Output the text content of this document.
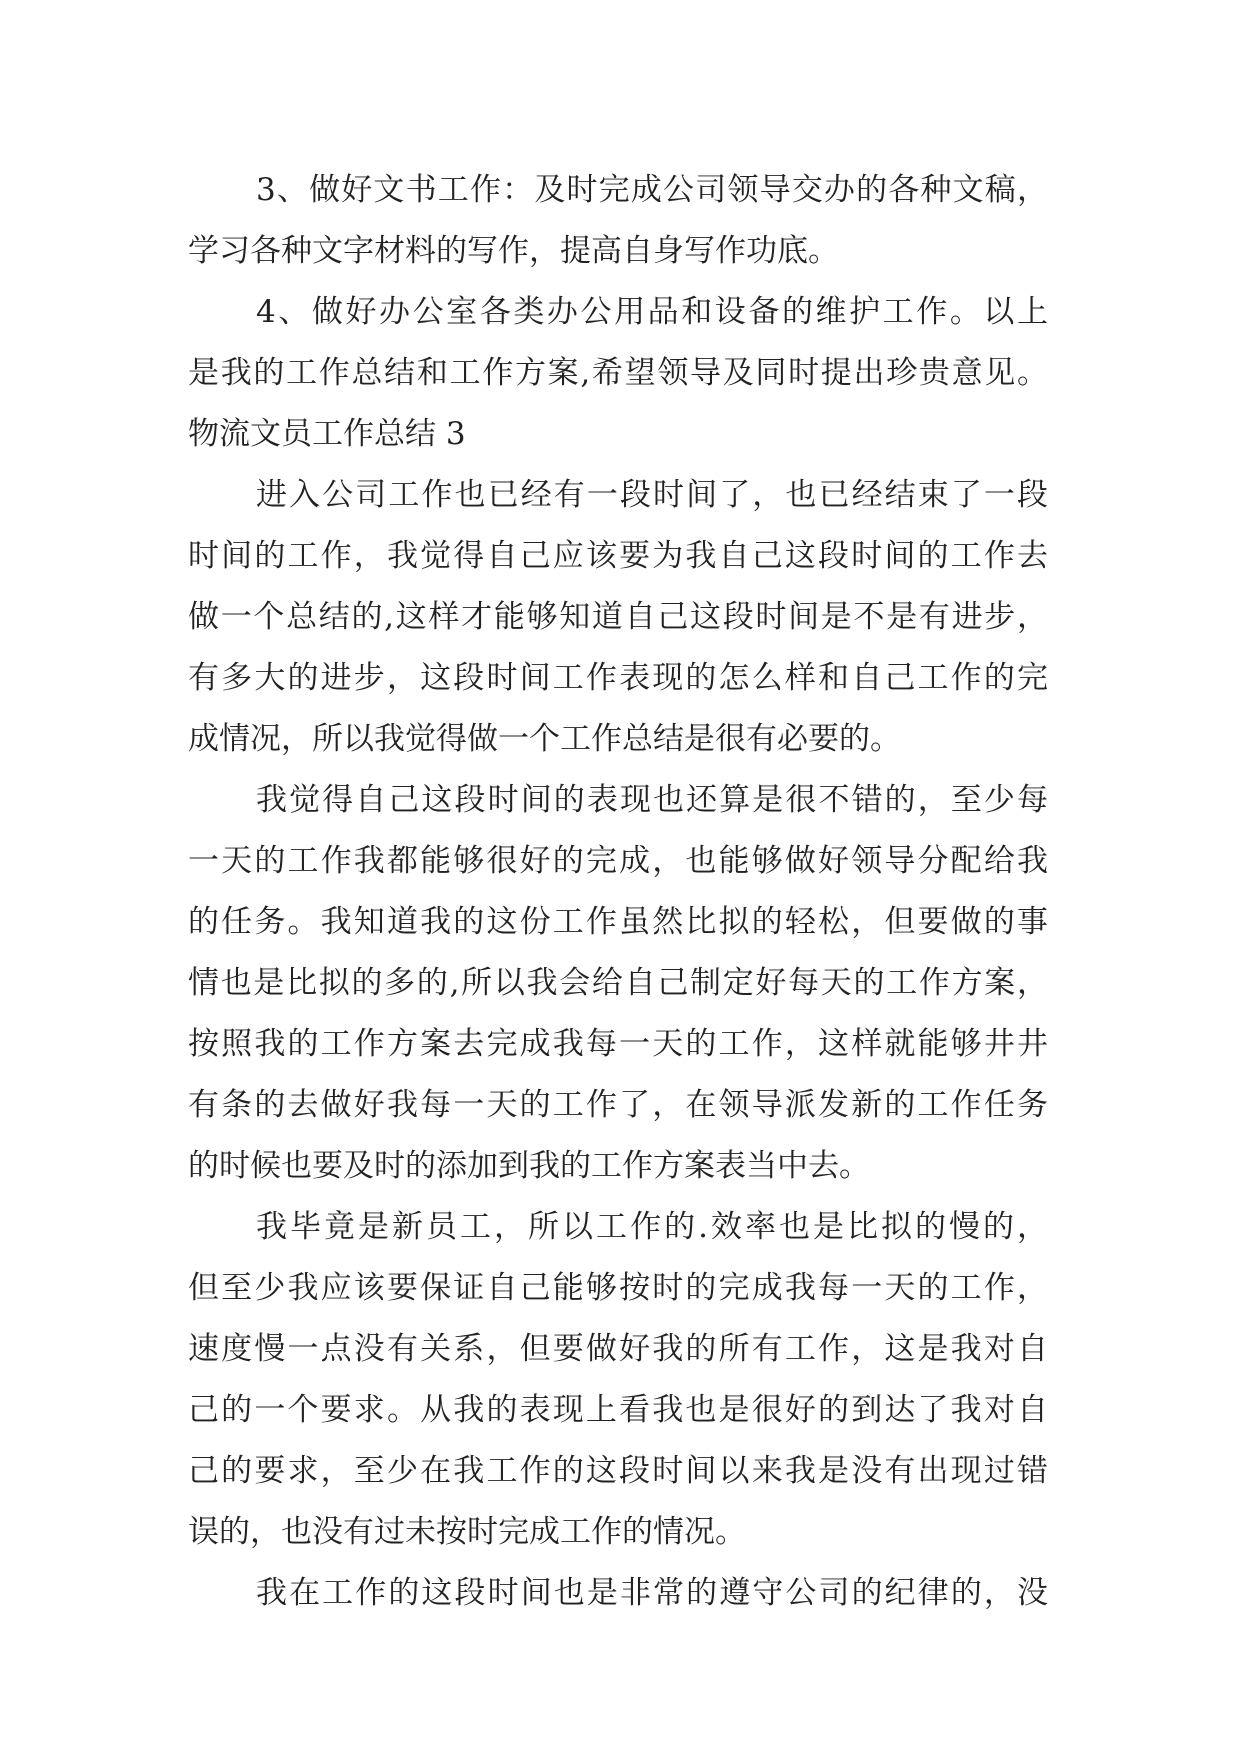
3、做好文书工作：及时完成公司领导交办的各种文稿，
学习各种文字材料的写作，提高自身写作功底。
4、做好办公室各类办公用品和设备的维护工作。以上
是我的工作总结和工作方案,希望领导及同时提出珍贵意见。
物流文员工作总结 3
进入公司工作也已经有一段时间了，也已经结束了一段
时间的工作，我觉得自己应该要为我自己这段时间的工作去
做一个总结的,这样才能够知道自己这段时间是不是有进步，
有多大的进步，这段时间工作表现的怎么样和自己工作的完
成情况，所以我觉得做一个工作总结是很有必要的。
我觉得自己这段时间的表现也还算是很不错的，至少每
一天的工作我都能够很好的完成，也能够做好领导分配给我
的任务。我知道我的这份工作虽然比拟的轻松，但要做的事
情也是比拟的多的,所以我会给自己制定好每天的工作方案，
按照我的工作方案去完成我每一天的工作，这样就能够井井
有条的去做好我每一天的工作了，在领导派发新的工作任务
的时候也要及时的添加到我的工作方案表当中去。
我毕竟是新员工，所以工作的.效率也是比拟的慢的，
但至少我应该要保证自己能够按时的完成我每一天的工作，
速度慢一点没有关系，但要做好我的所有工作，这是我对自
己的一个要求。从我的表现上看我也是很好的到达了我对自
己的要求，至少在我工作的这段时间以来我是没有出现过错
误的，也没有过未按时完成工作的情况。
我在工作的这段时间也是非常的遵守公司的纪律的，没
